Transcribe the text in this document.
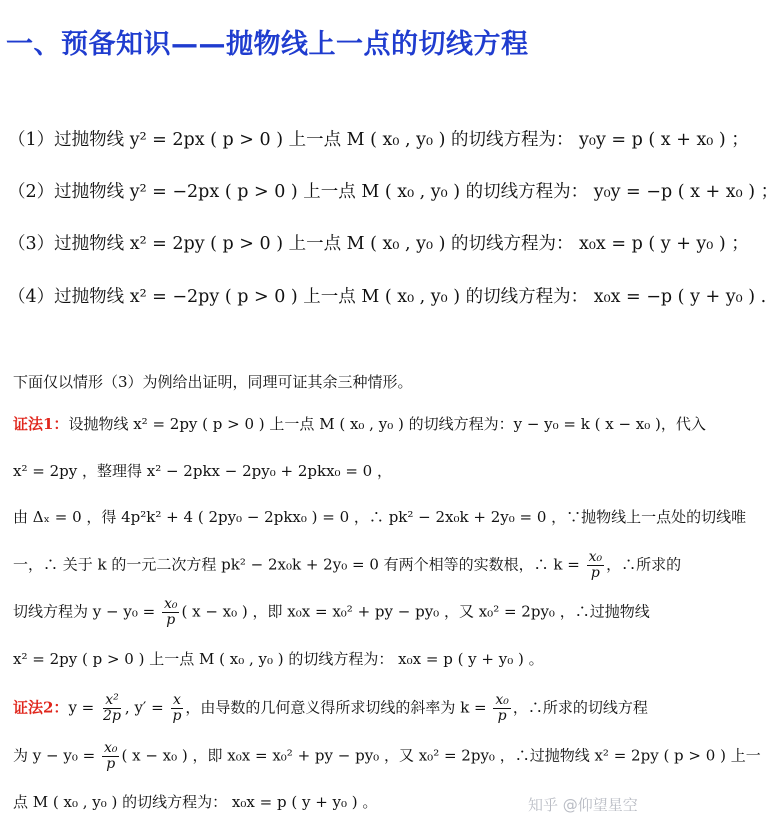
一、预备知识——抛物线上一点的切线方程
（1）过抛物线 y² = 2px ( p > 0 ) 上一点 M ( x₀ , y₀ ) 的切线方程为： y₀y = p ( x + x₀ ) ；
（2）过抛物线 y² = −2px ( p > 0 ) 上一点 M ( x₀ , y₀ ) 的切线方程为： y₀y = −p ( x + x₀ ) ；
（3）过抛物线 x² = 2py ( p > 0 ) 上一点 M ( x₀ , y₀ ) 的切线方程为： x₀x = p ( y + y₀ ) ；
（4）过抛物线 x² = −2py ( p > 0 ) 上一点 M ( x₀ , y₀ ) 的切线方程为： x₀x = −p ( y + y₀ ) .
下面仅以情形（3）为例给出证明，同理可证其余三种情形。
证法1：设抛物线 x² = 2py ( p > 0 ) 上一点 M ( x₀ , y₀ ) 的切线方程为：y − y₀ = k ( x − x₀ )，代入
x² = 2py ，整理得 x² − 2pkx − 2py₀ + 2pkx₀ = 0 ，
由 Δₓ = 0 ，得 4p²k² + 4 ( 2py₀ − 2pkx₀ ) = 0 ，∴ pk² − 2x₀k + 2y₀ = 0 ，∵抛物线上一点处的切线唯
一，∴ 关于 k 的一元二次方程 pk² − 2x₀k + 2y₀ = 0 有两个相等的实数根，∴ $k = \frac{\text{x₀}}{p}$ ，∴所求的
切线方程为 $y - y_0 = \frac{\text{x₀}}{p}$ ( x − x₀ ) ，即 x₀x = x₀² + py − py₀ ，又 x₀² = 2py₀ ，∴过抛物线
x² = 2py ( p > 0 ) 上一点 M ( x₀ , y₀ ) 的切线方程为： x₀x = p ( y + y₀ ) 。
证法2：$y = \frac{\text{x²}}{2p}$ , $y' = \frac{x}{p}$ ，由导数的几何意义得所求切线的斜率为 $k = \frac{\text{x₀}}{p}$ ，∴所求的切线方程
为 $y - y_0 = \frac{\text{x₀}}{p}$ ( x − x₀ ) ，即 x₀x = x₀² + py − py₀ ，又 x₀² = 2py₀ ，∴过抛物线 x² = 2py ( p > 0 ) 上一
点 M ( x₀ , y₀ ) 的切线方程为： x₀x = p ( y + y₀ ) 。	知乎 @仰望星空
